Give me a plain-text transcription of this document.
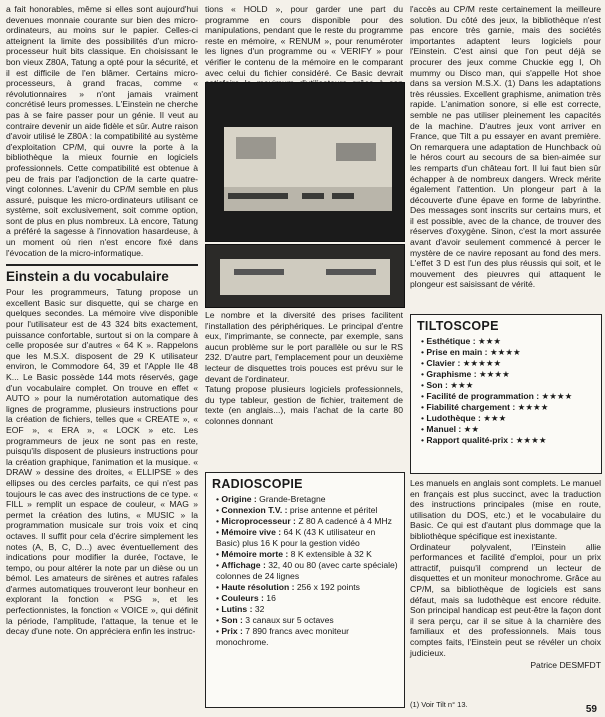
a fait honorables, même si elles sont aujourd'hui devenues monnaie courante sur bien des micro-ordinateurs, au moins sur le papier. Celles-ci atteignent la limite des possibilités d'un micro-processeur huit bits classique. En choisissant le bon vieux Z80A, Tatung a opté pour la sécurité, et il est difficile de l'en blâmer. Certains micro-processeurs, à grand fracas, comme « révolutionnaires » n'ont jamais vraiment concrétisé leurs promesses. L'Einstein ne cherche pas à se faire passer pour un génie. Il veut au contraire devenir un aide fidèle et sûr. Autre raison d'avoir utilisé le Z80A : la compatibilité au système d'exploitation CP/M, qui ouvre la porte à la bibliothèque la mieux fournie en logiciels professionnels. Cette compatibilité est obtenue à peu de frais par l'adjonction de la carte quatre-vingt colonnes. L'avenir du CP/M semble en plus assuré, puisque les micro-ordinateurs utilisant ce système, soit exclusivement, soit comme option, sont de plus en plus nombreux. Là encore, Tatung a préféré la sagesse à l'innovation hasardeuse, à un moment où rien n'est encore fixé dans l'évocation de la micro-informatique.

Einstein a du vocabulaire

Pour les programmeurs, Tatung propose un excellent Basic sur disquette, qui se charge en quelques secondes. La mémoire vive disponible pour l'utilisateur est de 43 324 bits exactement, puissance confortable, surtout si on la compare à celle proposée sur d'autres « 64 K ». Rappelons que les M.S.X. disposent de 29 K utilisateur environ, le Commodore 64, 39 et l'Apple IIe 48 K... Le Basic possède 144 mots réservés, gage d'un vocabulaire complet. On trouve en effet « AUTO » pour la numérotation automatique des lignes de programme, plusieurs instructions pour la création de fichiers, telles que « CREATE », « EOF », « ERA », « LOCK » etc. Les programmeurs de jeux ne sont pas en reste, puisqu'ils disposent de plusieurs instructions pour la création graphique, l'animation et la musique. « DRAW » dessine des droites, « ELLIPSE » des ellipses ou des cercles parfaits, ce qui n'est pas toujours le cas avec des instructions de ce type. « FILL » remplit un espace de couleur, « MAG » permet la création des lutins, « MUSIC » la programmation musicale sur trois voix et cinq octaves. Il suffit pour cela d'écrire simplement les notes (A, B, C, D...) avec éventuellement des indications pour modifier la durée, l'octave, le tempo, ou pour altérer la note par un dièse ou un bémol. Les amateurs de sirènes et autres rafales d'armes automatiques trouveront leur bonheur en explorant la fonction « PSG », et les perfectionnistes, la fonction « VOICE », qui définit la période, l'amplitude, l'attaque, la tenue et le decay d'une note. On appréciera enfin les instruc-

tions « HOLD », pour garder une part du programme en cours disponible pour des manipulations, pendant que le reste du programme reste en mémoire, « RENUM », pour renuméroter les lignes d'un programme ou « VERIFY » pour vérifier le contenu de la mémoire en le comparant avec celui du fichier considéré. Ce Basic devrait

Le nombre et la diversité des prises facilitent l'installation des périphériques. Le principal d'entre eux, l'imprimante, se connecte, par exemple, sans aucun problème sur le port parallèle ou sur le RS 232. D'autre part, l'emplacement pour un deuxième lecteur de disquettes trois pouces est prévu sur le devant de l'ordinateur.

Tatung propose plusieurs logiciels professionnels, du type tableur, gestion de fichier, traitement de texte (en anglais...), mais l'achat de la carte 80 colonnes donnant

RADIOSCOPIE
• Origine : Grande-Bretagne
• Connexion T.V. : prise antenne et péritel
• Microprocesseur : Z 80 A cadencé à 4 MHz
• Mémoire vive : 64 K (43 K utilisateur en Basic) plus 16 K pour la gestion vidéo
• Mémoire morte : 8 K extensible à 32 K
• Affichage : 32, 40 ou 80 (avec carte spéciale) colonnes de 24 lignes
• Haute résolution : 256 x 192 points
• Couleurs : 16
• Lutins : 32
• Son : 3 canaux sur 5 octaves
• Prix : 7 890 francs avec moniteur monochrome.

l'accès au CP/M reste certainement la meilleure solution. Du côté des jeux, la bibliothèque n'est pas encore très garnie, mais des sociétés importantes adaptent leurs logiciels pour l'Einstein. C'est ainsi que l'on peut déjà se procurer des jeux comme Chuckie egg I, Oh mummy ou Disco man, qui s'appelle Hot shoe dans sa version M.S.X. (1) Dans les adaptations très réussies. Excellent graphisme, animation très rapide. L'animation sonore, si elle est correcte, semble ne pas utiliser pleinement les capacités de la machine. D'autres jeux vont arriver en France, que Tilt a pu essayer en avant première. On remarquera une adaptation de Hunchback où le héros court au secours de sa bien-aimée sur les remparts d'un château fort. Il lui faut bien sûr échapper à de nombreux dangers. Wreck mérite également l'attention. Un plongeur part à la découverte d'une épave en forme de labyrinthe. Des messages sont inscrits sur certains murs, et il est possible, avec de la chance, de trouver des réserves d'oxygène. Sinon, c'est la mort assurée avant d'avoir seulement commencé à percer le mystère de ce navire reposant au fond des mers. L'effet 3 D est l'un des plus réussis qui soit, et le mouvement des pieuvres qui attaquent le plongeur est saisissant de vérité.

TILTOSCOPE
• Esthétique : ★★★
• Prise en main : ★★★★
• Clavier : ★★★★★
• Graphisme : ★★★★
• Son : ★★★
• Facilité de programmation : ★★★★
• Fiabilité chargement : ★★★★
• Ludothèque : ★★★
• Manuel : ★★
• Rapport qualité-prix : ★★★★

Les manuels en anglais sont complets. Le manuel en français est plus succinct, avec la traduction des instructions principales (mise en route, utilisation du DOS, etc.) et le vocabulaire du Basic. Ce qui est d'autant plus dommage que la bibliothèque spécifique est inexistante.

Ordinateur polyvalent, l'Einstein allie performances et facilité d'emploi, pour un prix attractif, puisqu'il comprend un lecteur de disquettes et un moniteur monochrome. Grâce au CP/M, sa bibliothèque de logiciels est sans défaut, mais sa ludothèque est encore réduite. Son principal handicap est peut-être la façon dont il sera perçu, car il se situe à la charnière des familiaux et des professionnels. Mais tous comptes faits, l'Einstein peut se révéler un choix judicieux.

Patrice DESMFDT

(1) Voir Tilt n° 13.	59
